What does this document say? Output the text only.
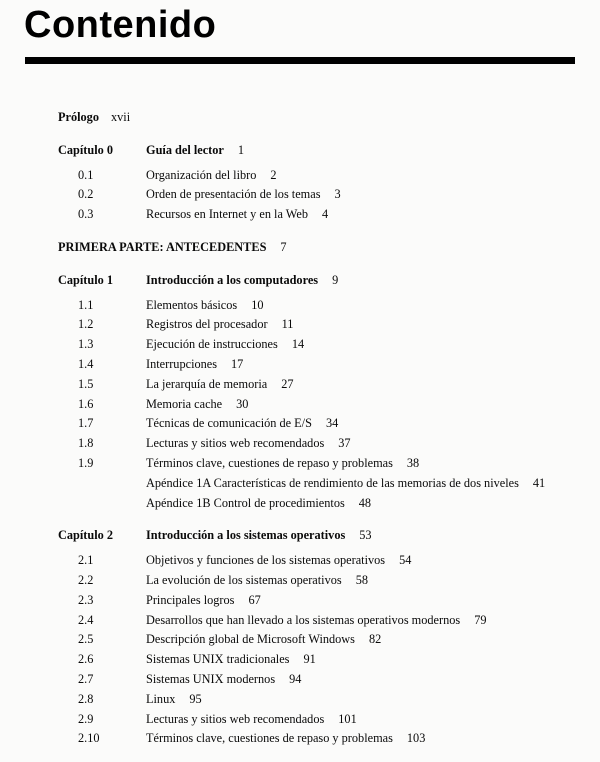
Contenido
Prólogo xvii
Capítulo 0	Guía del lector 1
0.1	Organización del libro 2
0.2	Orden de presentación de los temas 3
0.3	Recursos en Internet y en la Web 4
PRIMERA PARTE: ANTECEDENTES 7
Capítulo 1	Introducción a los computadores 9
1.1	Elementos básicos 10
1.2	Registros del procesador 11
1.3	Ejecución de instrucciones 14
1.4	Interrupciones 17
1.5	La jerarquía de memoria 27
1.6	Memoria cache 30
1.7	Técnicas de comunicación de E/S 34
1.8	Lecturas y sitios web recomendados 37
1.9	Términos clave, cuestiones de repaso y problemas 38
Apéndice 1A Características de rendimiento de las memorias de dos niveles 41
Apéndice 1B Control de procedimientos 48
Capítulo 2	Introducción a los sistemas operativos 53
2.1	Objetivos y funciones de los sistemas operativos 54
2.2	La evolución de los sistemas operativos 58
2.3	Principales logros 67
2.4	Desarrollos que han llevado a los sistemas operativos modernos 79
2.5	Descripción global de Microsoft Windows 82
2.6	Sistemas UNIX tradicionales 91
2.7	Sistemas UNIX modernos 94
2.8	Linux 95
2.9	Lecturas y sitios web recomendados 101
2.10	Términos clave, cuestiones de repaso y problemas 103
